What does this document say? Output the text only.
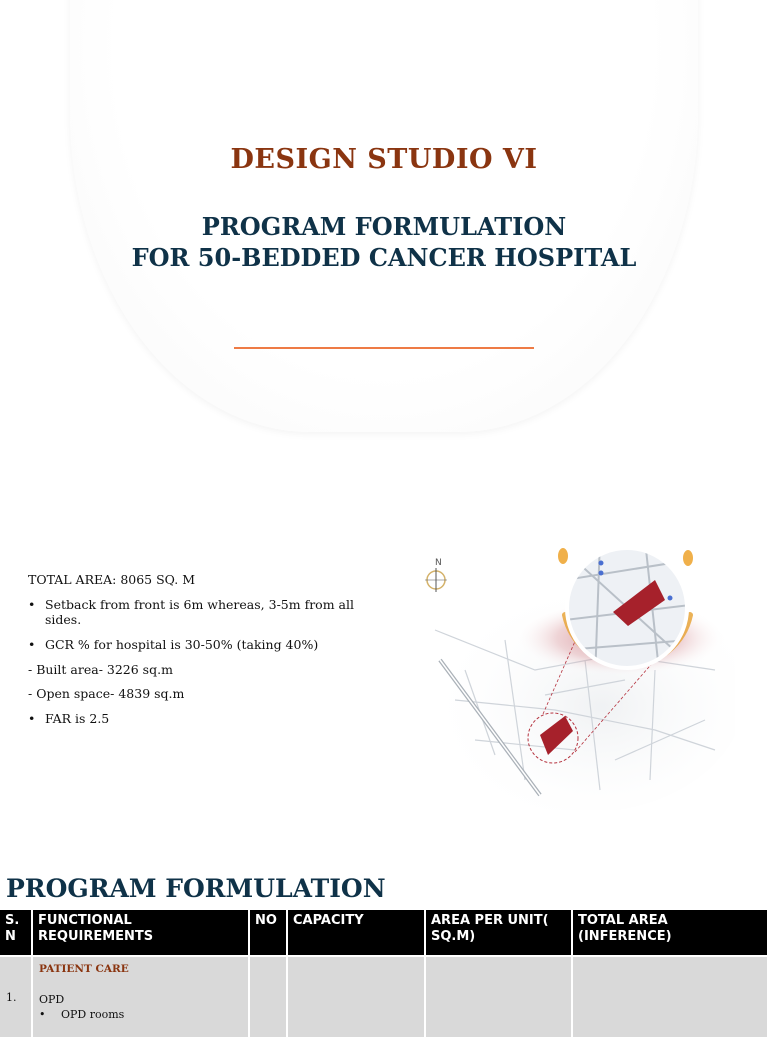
DESIGN STUDIO VI
PROGRAM FORMULATION
FOR 50-BEDDED CANCER HOSPITAL
TOTAL AREA: 8065 SQ. M
• Setback from front is 6m whereas, 3-5m from all sides.
• GCR % for hospital is 30-50% (taking 40%)
- Built area- 3226 sq.m
- Open space- 4839 sq.m
• FAR is 2.5
N
PROGRAM FORMULATION
S. N	FUNCTIONAL REQUIREMENTS	NO	CAPACITY	AREA PER UNIT( SQ.M)	TOTAL AREA (INFERENCE)

1.	PATIENT CARE
OPD
• OPD rooms				
